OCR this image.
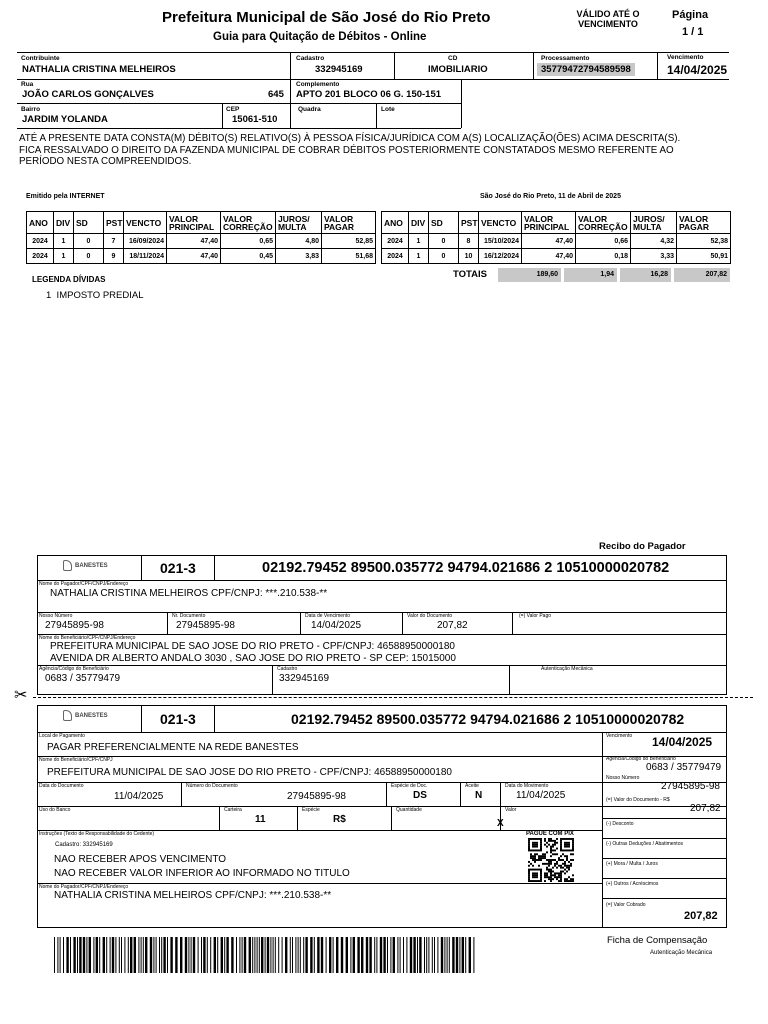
Prefeitura Municipal de São José do Rio Preto
Guia para Quitação de Débitos - Online
VÁLIDO ATÉ O VENCIMENTO
Página
1 / 1
Contribuinte
NATHALIA CRISTINA MELHEIROS
Cadastro
332945169
CD
IMOBILIARIO
Processamento
35779472794589598
Vencimento
14/04/2025
Rua
JOÃO CARLOS GONÇALVES	645
Complemento
APTO 201 BLOCO 06 G. 150-151
Bairro
JARDIM YOLANDA
CEP
15061-510
Quadra	Lote
ATÉ A PRESENTE DATA CONSTA(M) DÉBITO(S) RELATIVO(S) À PESSOA FÍSICA/JURÍDICA COM A(S) LOCALIZAÇÃO(ÕES) ACIMA DESCRITA(S).
FICA RESSALVADO O DIREITO DA FAZENDA MUNICIPAL DE COBRAR DÉBITOS POSTERIORMENTE CONSTATADOS MESMO REFERENTE AO
PERÍODO NESTA COMPREENDIDOS.
Emitido pela INTERNET	São José do Rio Preto, 11 de Abril de 2025
ANO	DIV	SD	PST	VENCTO	VALOR PRINCIPAL	VALOR CORREÇÃO	JUROS/ MULTA	VALOR PAGAR
2024	1	0	7	16/09/2024	47,40	0,65	4,80	52,85
2024	1	0	9	18/11/2024	47,40	0,45	3,83	51,68
ANO	DIV	SD	PST	VENCTO	VALOR PRINCIPAL	VALOR CORREÇÃO	JUROS/ MULTA	VALOR PAGAR
2024	1	0	8	15/10/2024	47,40	0,66	4,32	52,38
2024	1	0	10	16/12/2024	47,40	0,18	3,33	50,91
TOTAIS	189,60	1,94	16,28	207,82
LEGENDA DÍVIDAS
1  IMPOSTO PREDIAL
Recibo do Pagador
BANESTES	021-3	02192.79452 89500.035772 94794.021686 2 10510000020782
Nome do Pagador/CPF/CNPJ/Endereço
NATHALIA CRISTINA MELHEIROS CPF/CNPJ: ***.210.538-**
Nosso Número
27945895-98
Nr. Documento
27945895-98
Data de Vencimento
14/04/2025
Valor do Documento
207,82
(=) Valor Pago
Nome do Beneficiário/CPF/CNPJ/Endereço
PREFEITURA MUNICIPAL DE SAO JOSE DO RIO PRETO - CPF/CNPJ: 46588950000180
AVENIDA DR ALBERTO ANDALO 3030 , SAO JOSE DO RIO PRETO - SP CEP: 15015000
Agência/Código do Beneficiário
0683 / 35779479
Cadastro
332945169
Autenticação Mecânica
✂
BANESTES	021-3	02192.79452 89500.035772 94794.021686 2 10510000020782
Local de Pagamento
PAGAR PREFERENCIALMENTE NA REDE BANESTES
Vencimento 14/04/2025
Nome do Beneficiário/CPF/CNPJ
PREFEITURA MUNICIPAL DE SAO JOSE DO RIO PRETO - CPF/CNPJ: 46588950000180
Agência/Código do Beneficiário
0683 / 35779479
Nosso Número
27945895-98
Data do Documento
11/04/2025
Número do Documento
27945895-98
Espécie de Doc.
DS
Aceite
N
Data do Movimento
11/04/2025	(=) Valor do Documento - R$
207,82
Uso do Banco	Carteira
11
Espécie
R$
Quantidade	Valor
X	(-) Desconto
(-) Outras Deduções / Abatimentos
(+) Mora / Multa / Juros
(+) Outros / Acréscimos
(=) Valor Cobrado
207,82
Instruções (Texto de Responsabilidade do Cedente)
Cadastro: 332945169
NAO RECEBER APOS VENCIMENTO
NAO RECEBER VALOR INFERIOR AO INFORMADO NO TITULO
PAGUE COM PIX
Nome do Pagador/CPF/CNPJ/Endereço
NATHALIA CRISTINA MELHEIROS CPF/CNPJ: ***.210.538-**
Ficha de Compensação
Autenticação Mecânica
